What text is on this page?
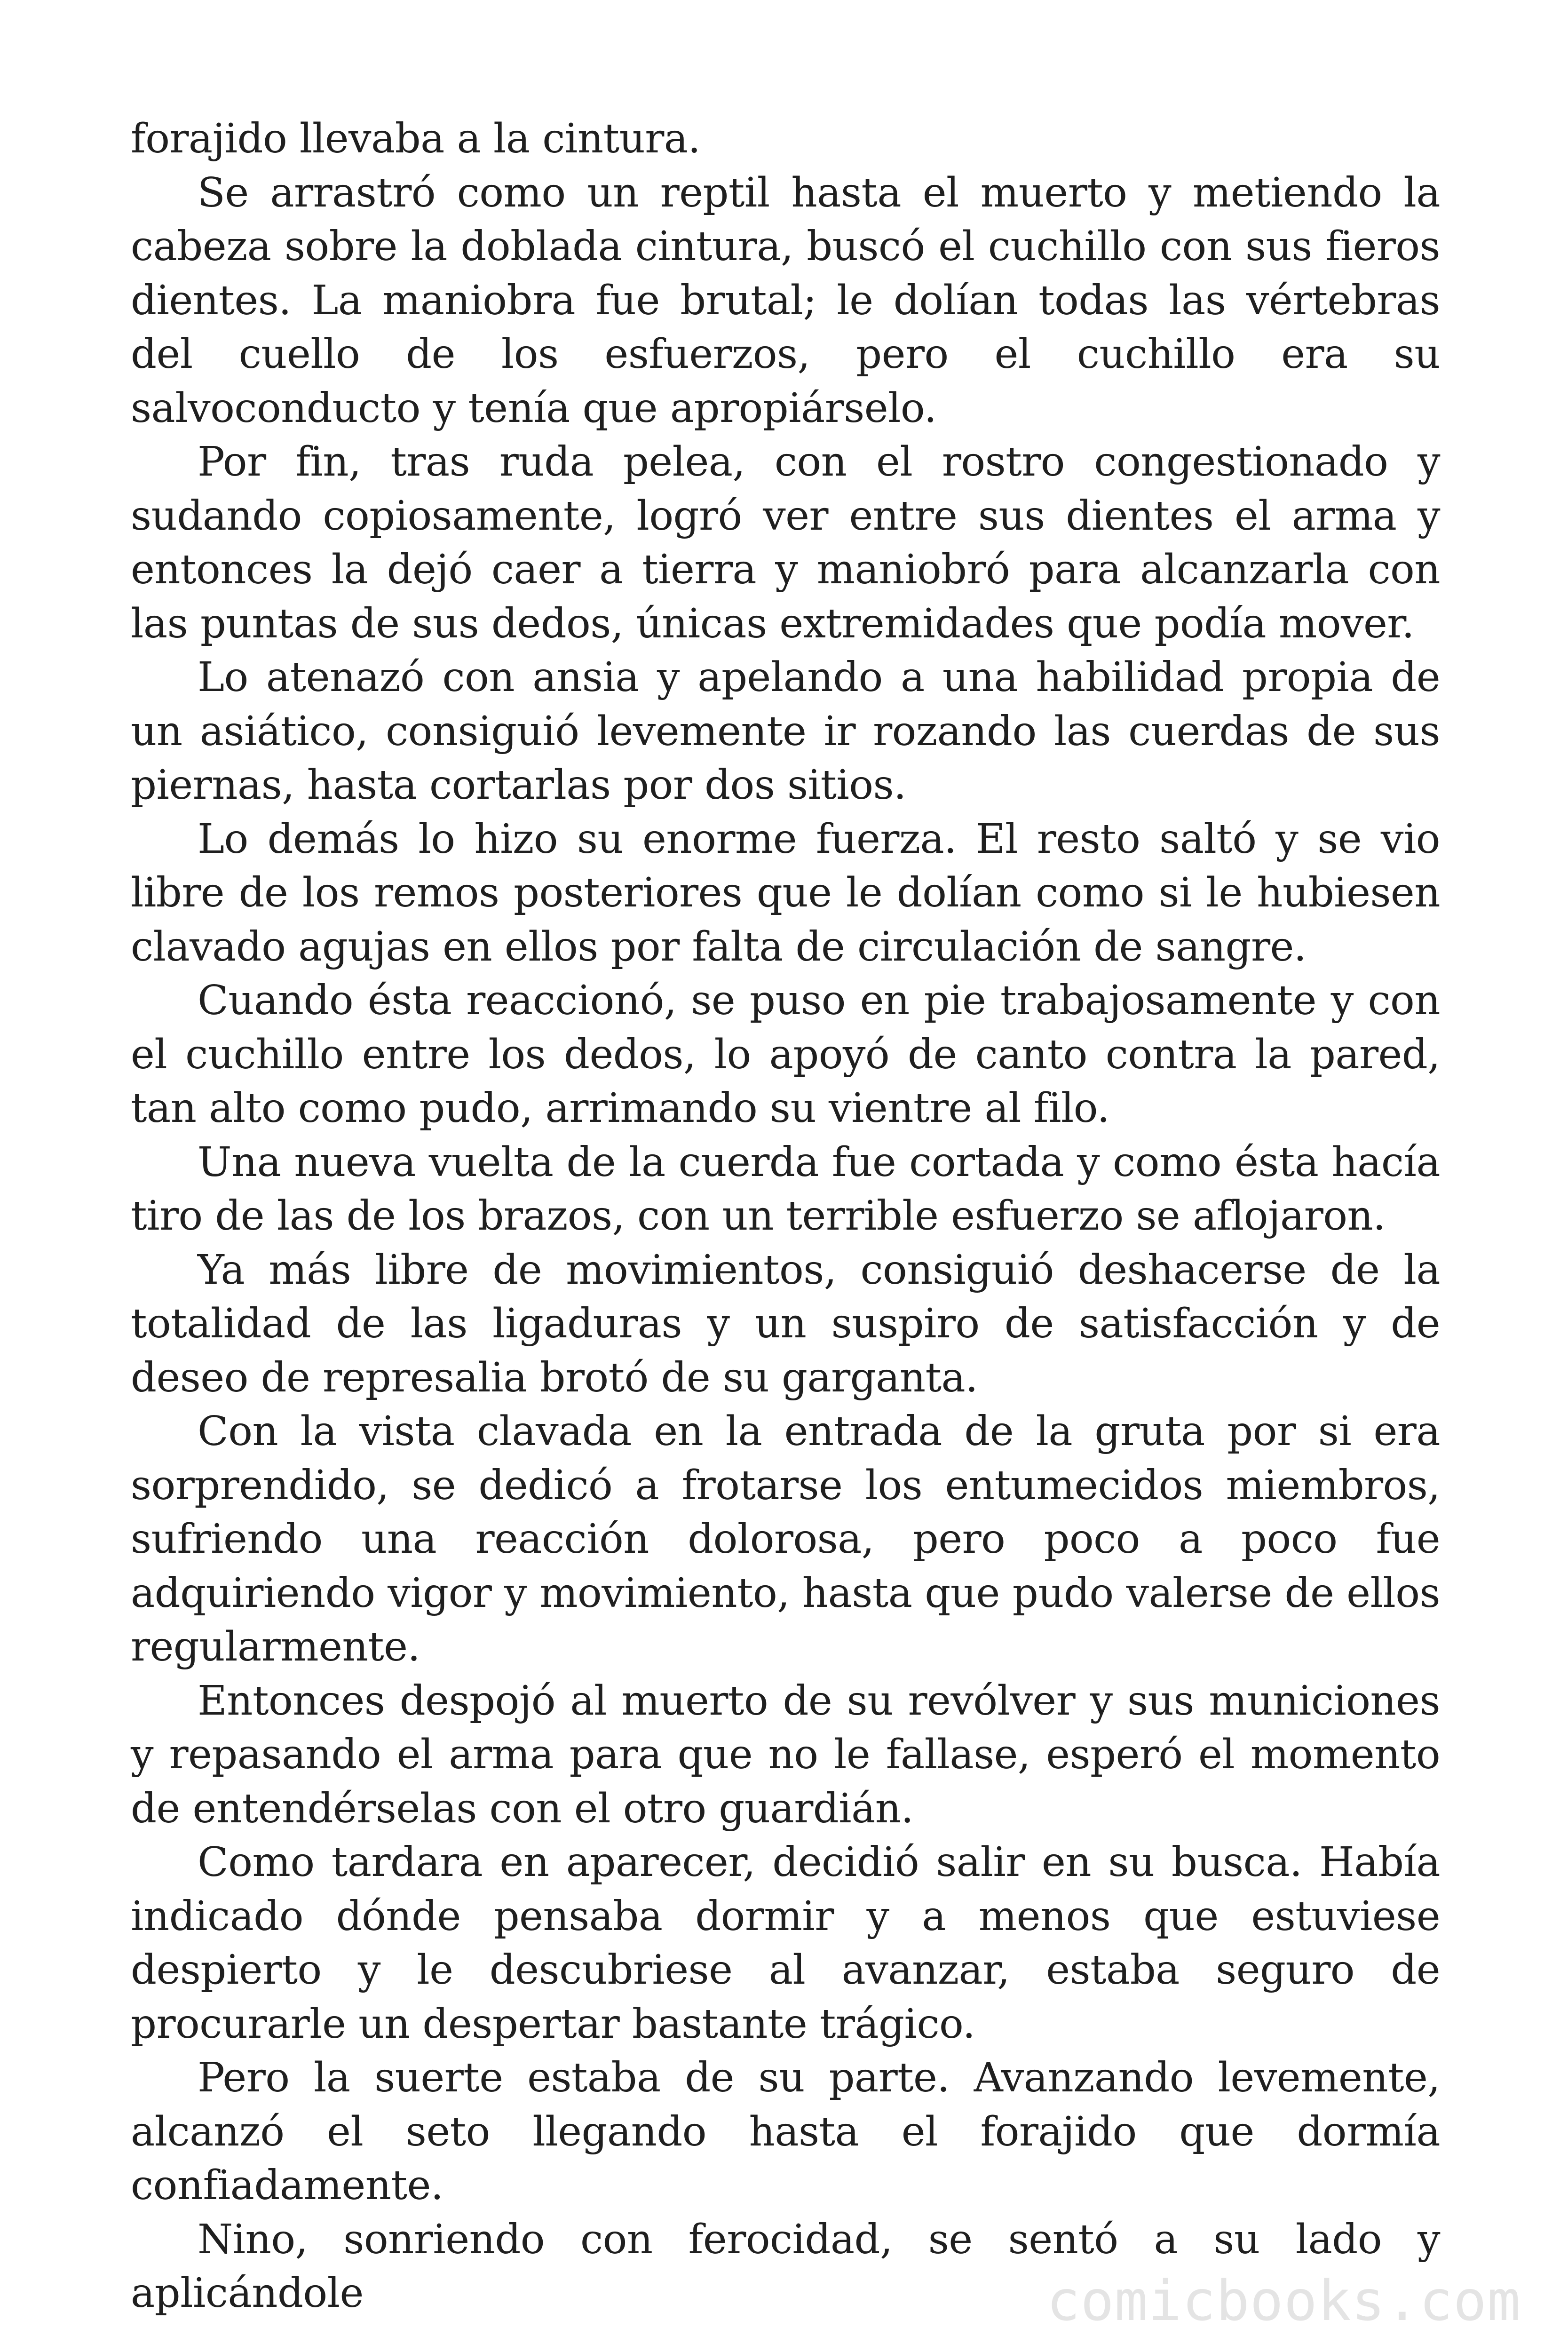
forajido llevaba a la cintura.

Se arrastró como un reptil hasta el muerto y metiendo la cabeza sobre la doblada cintura, buscó el cuchillo con sus fieros dientes. La maniobra fue brutal; le dolían todas las vértebras del cuello de los esfuerzos, pero el cuchillo era su salvoconducto y tenía que apropiárselo.

Por fin, tras ruda pelea, con el rostro congestionado y sudando copiosamente, logró ver entre sus dientes el arma y entonces la dejó caer a tierra y maniobró para alcanzarla con las puntas de sus dedos, únicas extremidades que podía mover.

Lo atenazó con ansia y apelando a una habilidad propia de un asiático, consiguió levemente ir rozando las cuerdas de sus piernas, hasta cortarlas por dos sitios.

Lo demás lo hizo su enorme fuerza. El resto saltó y se vio libre de los remos posteriores que le dolían como si le hubiesen clavado agujas en ellos por falta de circulación de sangre.

Cuando ésta reaccionó, se puso en pie trabajosamente y con el cuchillo entre los dedos, lo apoyó de canto contra la pared, tan alto como pudo, arrimando su vientre al filo.

Una nueva vuelta de la cuerda fue cortada y como ésta hacía tiro de las de los brazos, con un terrible esfuerzo se aflojaron.

Ya más libre de movimientos, consiguió deshacerse de la totalidad de las ligaduras y un suspiro de satisfacción y de deseo de represalia brotó de su garganta.

Con la vista clavada en la entrada de la gruta por si era sorprendido, se dedicó a frotarse los entumecidos miembros, sufriendo una reacción dolorosa, pero poco a poco fue adquiriendo vigor y movimiento, hasta que pudo valerse de ellos regularmente.

Entonces despojó al muerto de su revólver y sus municiones y repasando el arma para que no le fallase, esperó el momento de entendérselas con el otro guardián.

Como tardara en aparecer, decidió salir en su busca. Había indicado dónde pensaba dormir y a menos que estuviese despierto y le descubriese al avanzar, estaba seguro de procurarle un despertar bastante trágico.

Pero la suerte estaba de su parte. Avanzando levemente, alcanzó el seto llegando hasta el forajido que dormía confiadamente.

Nino, sonriendo con ferocidad, se sentó a su lado y aplicándole	comicbooks.com
